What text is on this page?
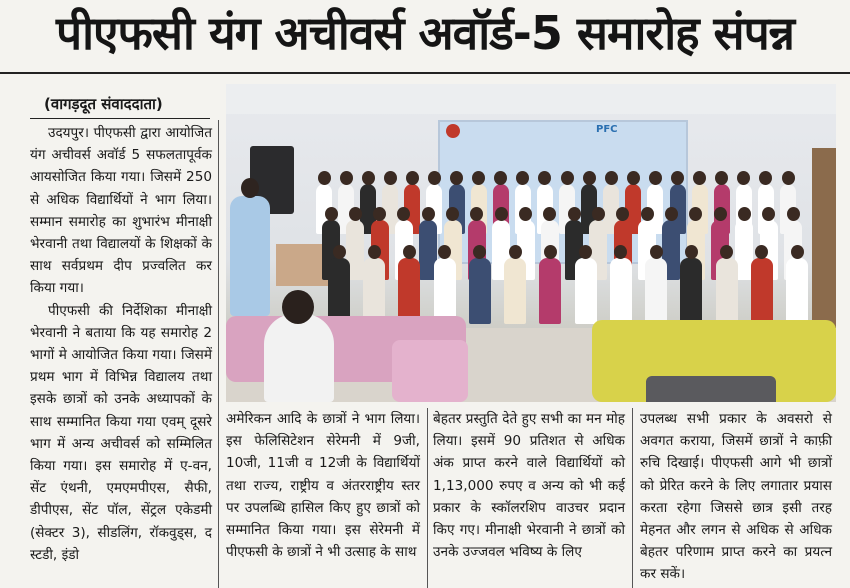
पीएफसी यंग अचीवर्स अवॉर्ड-5 समारोह संपन्न
(वागड़दूत संवाददाता)

उदयपुर। पीएफसी द्वारा आयोजित यंग अचीवर्स अवॉर्ड 5 सफलतापूर्वक आयसोजित किया गया। जिसमें 250 से अधिक विद्यार्थियों ने भाग लिया। सम्मान समारोह का शुभारंभ मीनाक्षी भेरवानी तथा विद्यालयों के शिक्षकों के साथ सर्वप्रथम दीप प्रज्वलित कर किया गया।

पीएफसी की निर्देशिका मीनाक्षी भेरवानी ने बताया कि यह समारोह 2 भागों मे आयोजित किया गया। जिसमें प्रथम भाग में विभिन्न विद्यालय तथा इसके छात्रों को उनके अध्यापकों के साथ सम्मानित किया गया एवम् दूसरे भाग में अन्य अचीवर्स को सम्मिलित किया गया। इस समारोह में ए-वन, सेंट एंथनी, एमएमपीएस, सैफी, डीपीएस, सेंट पॉल, सेंट्रल एकेडमी (सेक्टर 3), सीडलिंग, रॉकवुड्स, द स्टडी, इंडो

PFC

अमेरिकन आदि के छात्रों ने भाग लिया। इस फेलिसिटेशन सेरेमनी में 9जी, 10जी, 11जी व 12जी के विद्यार्थियों तथा राज्य, राष्ट्रीय व अंतरराष्ट्रीय स्तर पर उपलब्धि हासिल किए हुए छात्रों को सम्मानित किया गया। इस सेरेमनी में पीएफसी के छात्रों ने भी उत्साह के साथ

बेहतर प्रस्तुति देते हुए सभी का मन मोह लिया। इसमें 90 प्रतिशत से अधिक अंक प्राप्त करने वाले विद्यार्थियों को 1,13,000 रुपए व अन्य को भी कई प्रकार के स्कॉलरशिप वाउचर प्रदान किए गए। मीनाक्षी भेरवानी ने छात्रों को उनके उज्जवल भविष्य के लिए

उपलब्ध सभी प्रकार के अवसरो से अवगत कराया, जिसमें छात्रों ने काफ़ी रुचि दिखाई। पीएफसी आगे भी छात्रों को प्रेरित करने के लिए लगातार प्रयास करता रहेगा जिससे छात्र इसी तरह मेहनत और लगन से अधिक से अधिक बेहतर परिणाम प्राप्त करने का प्रयत्न कर सकें।
